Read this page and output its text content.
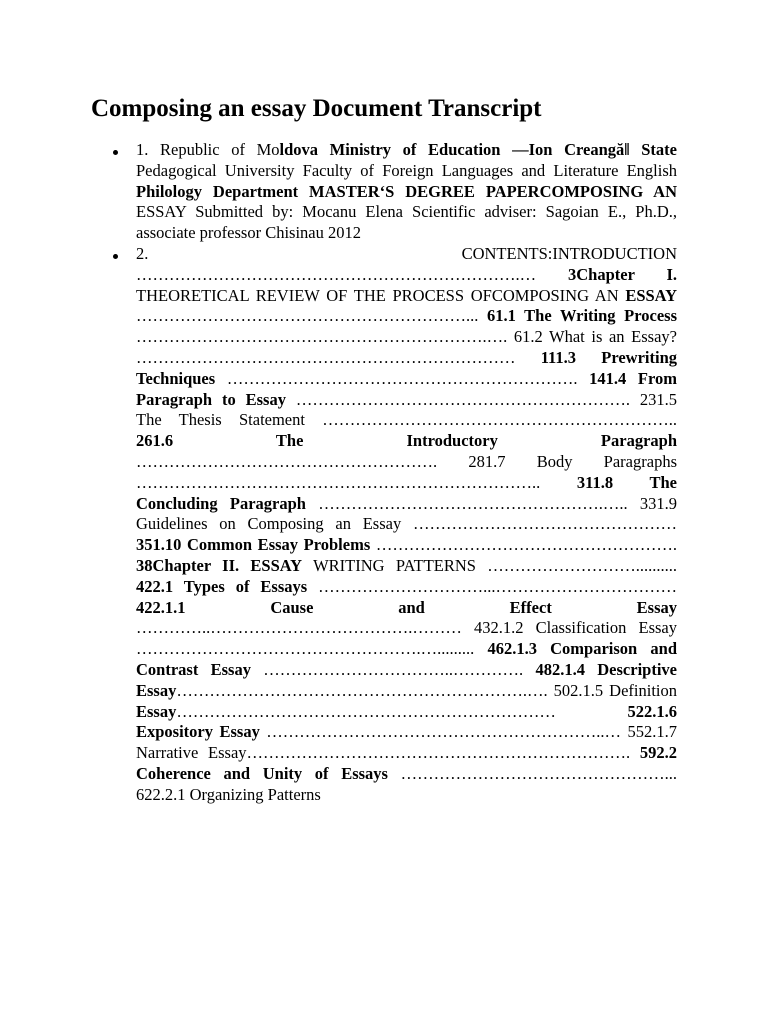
Composing an essay Document Transcript

1. Republic of Moldova Ministry of Education —Ion Creangă‖ State Pedagogical University Faculty of Foreign Languages and Literature English Philology Department MASTER‘S DEGREE PAPERCOMPOSING AN ESSAY Submitted by: Mocanu Elena Scientific adviser: Sagoian E., Ph.D., associate professor Chisinau 2012

2. CONTENTS:INTRODUCTION …………………………………………………………….… 3Chapter I. THEORETICAL REVIEW OF THE PROCESS OFCOMPOSING AN ESSAY ……………………………………………………... 61.1 The Writing Process ……………………………………………………….…. 61.2 What is an Essay? …………………………………………………………… 111.3 Prewriting Techniques ………………………………………………………. 141.4 From Paragraph to Essay ……………………………………………………. 231.5 The Thesis Statement ……………………………………………………….. 261.6 The Introductory Paragraph ………………………………………………. 281.7 Body Paragraphs ……………………………………………………………….. 311.8 The Concluding Paragraph …………………………………………….….. 331.9 Guidelines on Composing an Essay ………………………………………… 351.10 Common Essay Problems ………………………………………………. 38Chapter II. ESSAY WRITING PATTERNS ……………………….......... 422.1 Types of Essays …………………………...…………………………… 422.1.1 Cause and Effect Essay …………..……………………………….……… 432.1.2 Classification Essay …………………………………………….…......... 462.1.3 Comparison and Contrast Essay ……………………………..…………. 482.1.4 Descriptive Essay……………………………………………………….…. 502.1.5 Definition Essay…………………………………………………………… 522.1.6 Expository Essay ……………………………………………………..… 552.1.7 Narrative Essay……………………………………………………………. 592.2 Coherence and Unity of Essays …………………………………………... 622.2.1 Organizing Patterns
